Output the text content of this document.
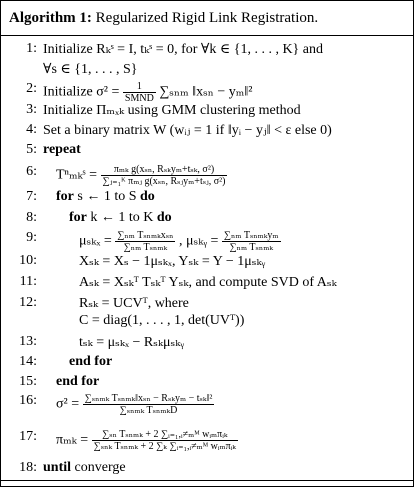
Algorithm 1: Regularized Rigid Link Registration.
1: Initialize Rₖˢ = I, tₖˢ = 0, for ∀k ∈ {1, . . . , K} and
∀s ∈ {1, . . . , S}
2: Initialize $\sigma^2 = \frac{1}{\text{SMND}} \sum_{snm}$ ‖xₛₙ − yₘ‖²
3: Initialize Πₘₓₖ using GMM clustering method
4: Set a binary matrix W (wᵢⱼ = 1 if ‖yᵢ − yⱼ‖ < ε else 0)
5: repeat
6: Tⁿₘₖˢ = $\frac{\text{πₘₖ g(xₛₙ, Rₛₖyₘ+tₛₖ, σ²)}}{\text{∑ⱼ₌₁ᴷ πₘⱼ g(xₛₙ, Rₛⱼyₘ+tₛⱼ, σ²)}}$
7: for s ← 1 to S do
8: for k ← 1 to K do
9:	$\mu_{skx} = \frac{\text{∑ₙₘ Tₛₙₘₖxₛₙ}}{\text{∑ₙₘ Tₛₙₘₖ}}$ , μₛₖᵧ = $\frac{\text{∑ₙₘ Tₛₙₘₖyₘ}}{\text{∑ₙₘ Tₛₙₘₖ}}$
10:	Xₛₖ = Xₛ − 1μₛₖₓ, Yₛₖ = Y − 1μₛₖᵧ
11:	Aₛₖ = Xₛₖᵀ Tₛₖᵀ Yₛₖ, and compute SVD of Aₛₖ
12:	Rₛₖ = UCVᵀ, where
C = diag(1, . . . , 1, det(UVᵀ))
13:	tₛₖ = μₛₖₓ − Rₛₖμₛₖᵧ
14: end for
15: end for
16: $\sigma^2 = \frac{\text{∑ₛₙₘₖ Tₛₙₘₖ‖xₛₙ − Rₛₖyₘ − tₛₖ‖²}}{\text{∑ₛₙₘₖ TₛₙₘₖD}}$
17: $\pi_{mk} = \frac{\text{∑ₛₙ Tₛₙₘₖ + 2 ∑ᵢ₌₁,ᵢ≠ₘᴹ wᵢₘπᵢₖ}}{\text{∑ₛₙₖ Tₛₙₘₖ + 2 ∑ₖ ∑ᵢ₌₁,ᵢ≠ₘᴹ wᵢₘπᵢₖ}}$
18: until converge
